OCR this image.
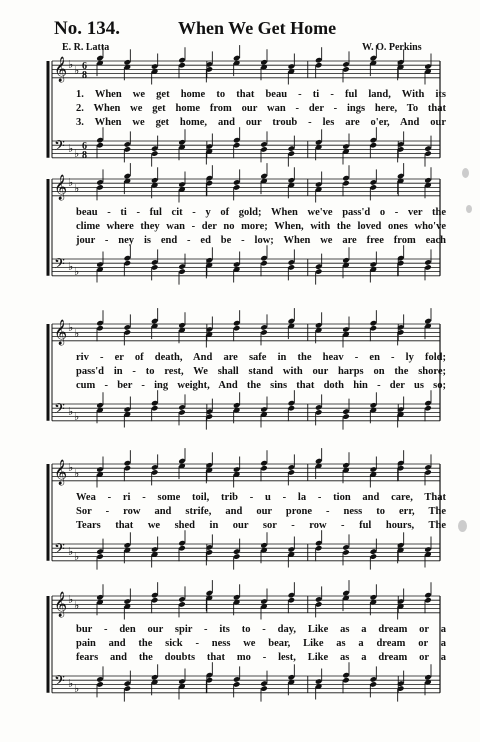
No. 134.	When We Get Home
E. R. Latta	W. O. Perkins
𝄞 ♭ ♭ 6
8
𝄢 ♭ ♭
6
8
1. When we get home to that beau - ti - ful land, With its
2. When we get home from our wan - der - ings here, To that
3. When we get home, and our troub - les are o'er, And our
𝄞 ♭ ♭
𝄢 ♭ ♭
beau - ti - ful cit - y of gold; When we've pass'd o - ver the
clime where they wan - der no more; When, with the loved ones who've
jour - ney is end - ed be - low; When we are free from each
𝄞 ♭ ♭
𝄢 ♭ ♭
riv - er of death, And are safe in the heav - en - ly fold;
pass'd in - to rest, We shall stand with our harps on the shore;
cum - ber - ing weight, And the sins that doth hin - der us so;
𝄞 ♭ ♭
𝄢 ♭ ♭
Wea - ri - some toil, trib - u - la - tion and care, That
Sor - row and strife, and our prone - ness to err, The
Tears that we shed in our sor - row - ful hours, The
𝄞 ♭ ♭
𝄢 ♭ ♭
bur - den our spir - its to - day, Like as a dream or a
pain and the sick - ness we bear, Like as a dream or a
fears and the doubts that mo - lest, Like as a dream or a
